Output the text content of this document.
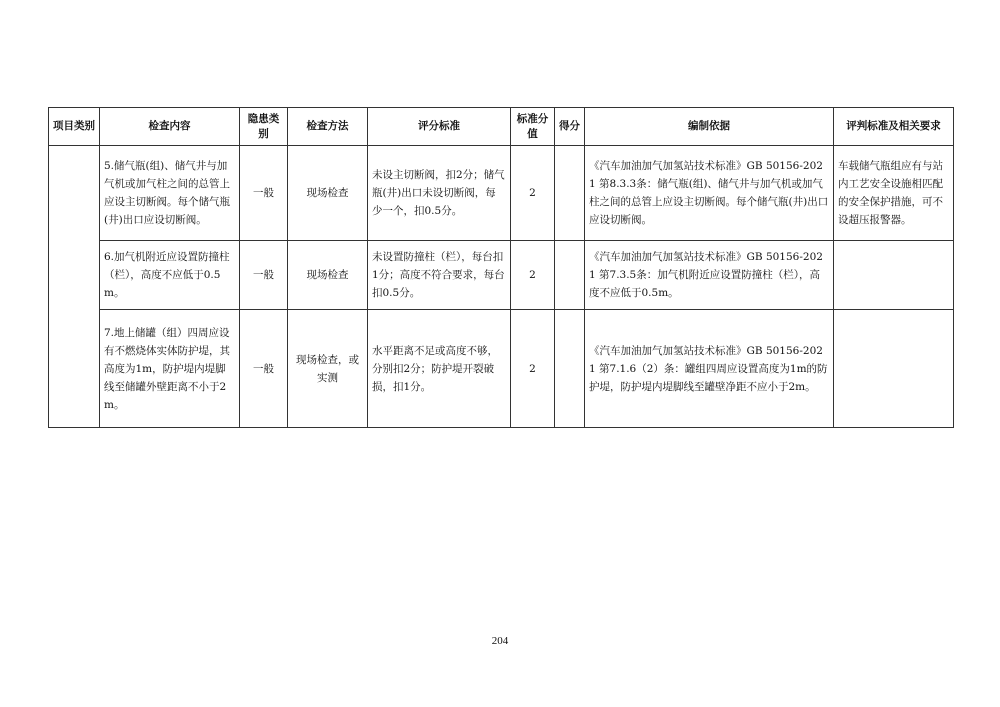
项目类别	检查内容	隐患类别	检查方法	评分标准	标准分值	得分	编制依据	评判标准及相关要求
	5.储气瓶(组)、储气井与加气机或加气柱之间的总管上应设主切断阀。每个储气瓶(井)出口应设切断阀。	一般	现场检查	未设主切断阀，扣2分；储气瓶(井)出口未设切断阀，每少一个，扣0.5分。	2		《汽车加油加气加氢站技术标准》GB 50156-2021 第8.3.3条：储气瓶(组)、储气井与加气机或加气柱之间的总管上应设主切断阀。每个储气瓶(井)出口应设切断阀。	车载储气瓶组应有与站内工艺安全设施相匹配的安全保护措施，可不设超压报警器。
	6.加气机附近应设置防撞柱（栏），高度不应低于0.5m。	一般	现场检查	未设置防撞柱（栏），每台扣1分；高度不符合要求，每台扣0.5分。	2		《汽车加油加气加氢站技术标准》GB 50156-2021 第7.3.5条：加气机附近应设置防撞柱（栏），高度不应低于0.5m。	
	7.地上储罐（组）四周应设有不燃烧体实体防护堤，其高度为1m，防护堤内堤脚线至储罐外壁距离不小于2m。	一般	现场检查，或实测	水平距离不足或高度不够，分别扣2分；防护堤开裂破损，扣1分。	2		《汽车加油加气加氢站技术标准》GB 50156-2021 第7.1.6（2）条：罐组四周应设置高度为1m的防护堤，防护堤内堤脚线至罐壁净距不应小于2m。	
204
